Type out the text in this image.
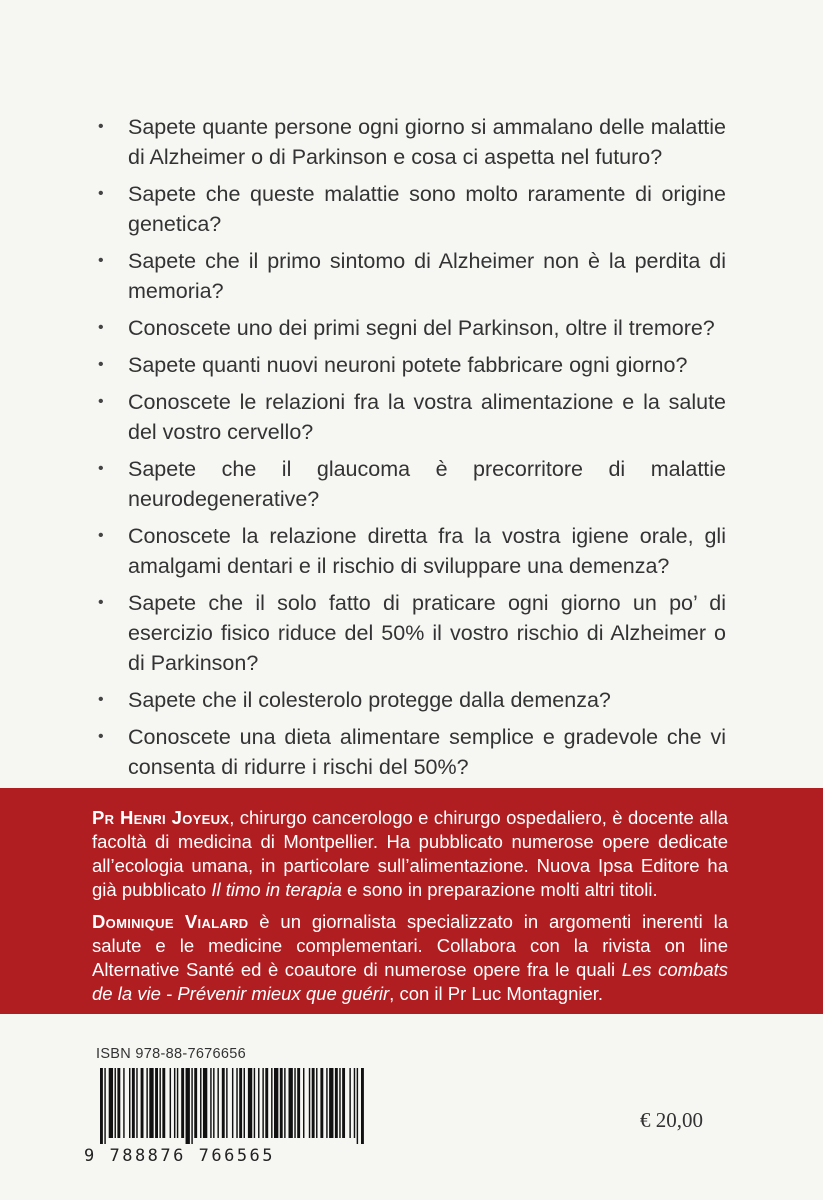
• Sapete quante persone ogni giorno si ammalano delle malattie di Alzheimer o di Parkinson e cosa ci aspetta nel futuro?
• Sapete che queste malattie sono molto raramente di origine genetica?
• Sapete che il primo sintomo di Alzheimer non è la perdita di memoria?
• Conoscete uno dei primi segni del Parkinson, oltre il tremore?
• Sapete quanti nuovi neuroni potete fabbricare ogni giorno?
• Conoscete le relazioni fra la vostra alimentazione e la salute del vostro cervello?
• Sapete che il glaucoma è precorritore di malattie neurodegenerative?
• Conoscete la relazione diretta fra la vostra igiene orale, gli amalgami dentari e il rischio di sviluppare una demenza?
• Sapete che il solo fatto di praticare ogni giorno un po’ di esercizio fisico riduce del 50% il vostro rischio di Alzheimer o di Parkinson?
• Sapete che il colesterolo protegge dalla demenza?
• Conoscete una dieta alimentare semplice e gradevole che vi consenta di ridurre i rischi del 50%?

Pr Henri Joyeux, chirurgo cancerologo e chirurgo ospedaliero, è docente alla facoltà di medicina di Montpellier. Ha pubblicato numerose opere dedicate all’ecologia umana, in particolare sull’alimentazione. Nuova Ipsa Editore ha già pubblicato Il timo in terapia e sono in preparazione molti altri titoli.

Dominique Vialard è un giornalista specializzato in argomenti inerenti la salute e le medicine complementari. Collabora con la rivista on line Alternative Santé ed è coautore di numerose opere fra le quali Les combats de la vie - Prévenir mieux que guérir, con il Pr Luc Montagnier.

ISBN 978-88-7676656
9 788876 766565
€ 20,00
